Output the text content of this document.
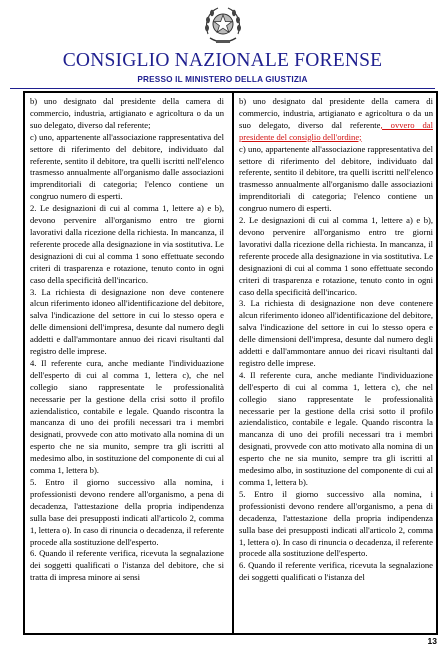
CONSIGLIO NAZIONALE FORENSE
PRESSO IL MINISTERO DELLA GIUSTIZIA

b) uno designato dal presidente della camera di commercio, industria, artigianato e agricoltura o da un suo delegato, diverso dal referente;

c) uno, appartenente all'associazione rappresentativa del settore di riferimento del debitore, individuato dal referente, sentito il debitore, tra quelli iscritti nell'elenco trasmesso annualmente all'organismo dalle associazioni imprenditoriali di categoria; l'elenco contiene un congruo numero di esperti.

2. Le designazioni di cui al comma 1, lettere a) e b), devono pervenire all'organismo entro tre giorni lavorativi dalla ricezione della richiesta. In mancanza, il referente procede alla designazione in via sostitutiva. Le designazioni di cui al comma 1 sono effettuate secondo criteri di trasparenza e rotazione, tenuto conto in ogni caso della specificità dell'incarico.

3. La richiesta di designazione non deve contenere alcun riferimento idoneo all'identificazione del debitore, salva l'indicazione del settore in cui lo stesso opera e delle dimensioni dell'impresa, desunte dal numero degli addetti e dall'ammontare annuo dei ricavi risultanti dal registro delle imprese.

4. Il referente cura, anche mediante l'individuazione dell'esperto di cui al comma 1, lettera c), che nel collegio siano rappresentate le professionalità necessarie per la gestione della crisi sotto il profilo aziendalistico, contabile e legale. Quando riscontra la mancanza di uno dei profili necessari tra i membri designati, provvede con atto motivato alla nomina di un esperto che ne sia munito, sempre tra gli iscritti al medesimo albo, in sostituzione del componente di cui al comma 1, lettera b).

5. Entro il giorno successivo alla nomina, i professionisti devono rendere all'organismo, a pena di decadenza, l'attestazione della propria indipendenza sulla base dei presupposti indicati all'articolo 2, comma 1, lettera o). In caso di rinuncia o decadenza, il referente procede alla sostituzione dell'esperto.

6. Quando il referente verifica, ricevuta la segnalazione dei soggetti qualificati o l'istanza del debitore, che si tratta di impresa minore ai sensi

b) uno designato dal presidente della camera di commercio, industria, artigianato e agricoltura o da un suo delegato, diverso dal referente, ovvero dal presidente del consiglio dell'ordine;

c) uno, appartenente all'associazione rappresentativa del settore di riferimento del debitore, individuato dal referente, sentito il debitore, tra quelli iscritti nell'elenco trasmesso annualmente all'organismo dalle associazioni imprenditoriali di categoria; l'elenco contiene un congruo numero di esperti.

2. Le designazioni di cui al comma 1, lettere a) e b), devono pervenire all'organismo entro tre giorni lavorativi dalla ricezione della richiesta. In mancanza, il referente procede alla designazione in via sostitutiva. Le designazioni di cui al comma 1 sono effettuate secondo criteri di trasparenza e rotazione, tenuto conto in ogni caso della specificità dell'incarico.

3. La richiesta di designazione non deve contenere alcun riferimento idoneo all'identificazione del debitore, salva l'indicazione del settore in cui lo stesso opera e delle dimensioni dell'impresa, desunte dal numero degli addetti e dall'ammontare annuo dei ricavi risultanti dal registro delle imprese.

4. Il referente cura, anche mediante l'individuazione dell'esperto di cui al comma 1, lettera c), che nel collegio siano rappresentate le professionalità necessarie per la gestione della crisi sotto il profilo aziendalistico, contabile e legale. Quando riscontra la mancanza di uno dei profili necessari tra i membri designati, provvede con atto motivato alla nomina di un esperto che ne sia munito, sempre tra gli iscritti al medesimo albo, in sostituzione del componente di cui al comma 1, lettera b).

5. Entro il giorno successivo alla nomina, i professionisti devono rendere all'organismo, a pena di decadenza, l'attestazione della propria indipendenza sulla base dei presupposti indicati all'articolo 2, comma 1, lettera o). In caso di rinuncia o decadenza, il referente procede alla sostituzione dell'esperto.

6. Quando il referente verifica, ricevuta la segnalazione dei soggetti qualificati o l'istanza del

13
